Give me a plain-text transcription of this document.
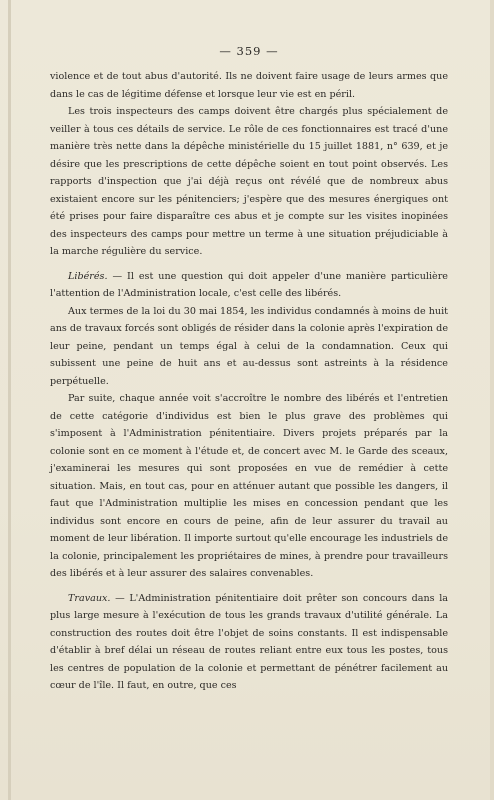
— 359 —

violence et de tout abus d'autorité. Ils ne doivent faire usage de leurs armes que dans le cas de légitime défense et lorsque leur vie est en péril.

Les trois inspecteurs des camps doivent être chargés plus spécialement de veiller à tous ces détails de service. Le rôle de ces fonctionnaires est tracé d'une manière très nette dans la dépêche ministérielle du 15 juillet 1881, n° 639, et je désire que les prescriptions de cette dépêche soient en tout point observés. Les rapports d'inspection que j'ai déjà reçus ont révélé que de nombreux abus existaient encore sur les pénitenciers; j'espère que des mesures énergiques ont été prises pour faire disparaître ces abus et je compte sur les visites inopinées des inspecteurs des camps pour mettre un terme à une situation préjudiciable à la marche régulière du service.

Libérés. — Il est une question qui doit appeler d'une manière particulière l'attention de l'Administration locale, c'est celle des libérés.

Aux termes de la loi du 30 mai 1854, les individus condamnés à moins de huit ans de travaux forcés sont obligés de résider dans la colonie après l'expiration de leur peine, pendant un temps égal à celui de la condamnation. Ceux qui subissent une peine de huit ans et au-dessus sont astreints à la résidence perpétuelle.

Par suite, chaque année voit s'accroître le nombre des libérés et l'entretien de cette catégorie d'individus est bien le plus grave des problèmes qui s'imposent à l'Administration pénitentiaire. Divers projets préparés par la colonie sont en ce moment à l'étude et, de concert avec M. le Garde des sceaux, j'examinerai les mesures qui sont proposées en vue de remédier à cette situation. Mais, en tout cas, pour en atténuer autant que possible les dangers, il faut que l'Administration multiplie les mises en concession pendant que les individus sont encore en cours de peine, afin de leur assurer du travail au moment de leur libération. Il importe surtout qu'elle encourage les industriels de la colonie, principalement les propriétaires de mines, à prendre pour travailleurs des libérés et à leur assurer des salaires convenables.

Travaux. — L'Administration pénitentiaire doit prêter son concours dans la plus large mesure à l'exécution de tous les grands travaux d'utilité générale. La construction des routes doit être l'objet de soins constants. Il est indispensable d'établir à bref délai un réseau de routes reliant entre eux tous les postes, tous les centres de population de la colonie et permettant de pénétrer facilement au cœur de l'île. Il faut, en outre, que ces
